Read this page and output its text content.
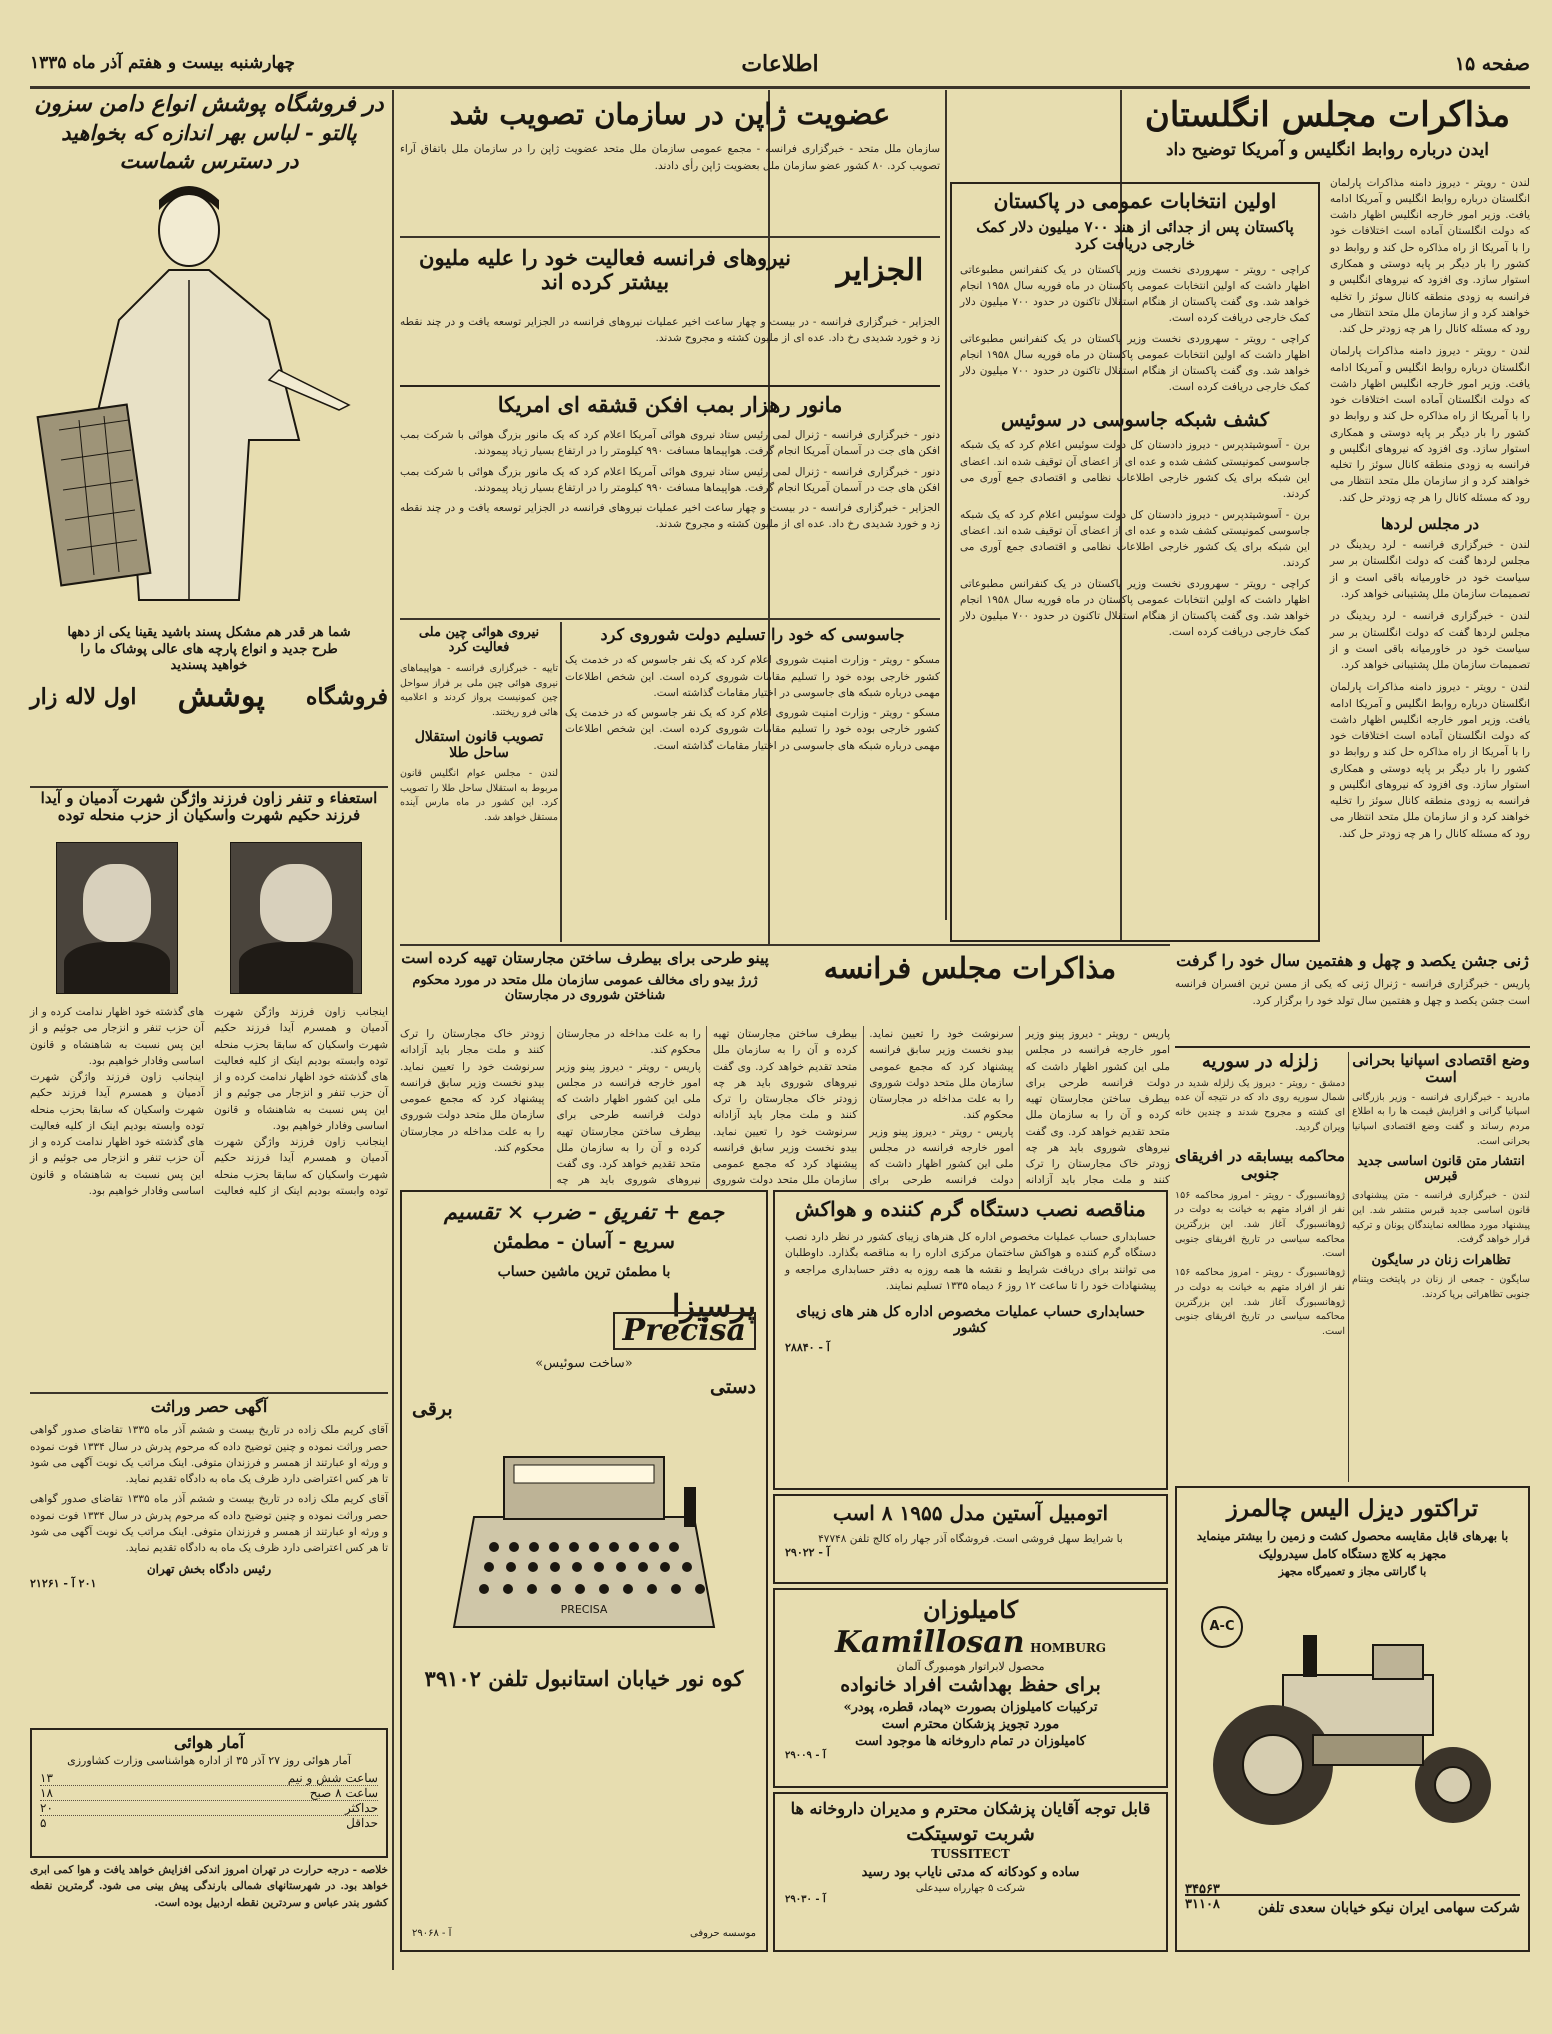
صفحه ۱۵
اطلاعات
چهارشنبه بیست و هفتم آذر ماه ۱۳۳۵
مذاکرات مجلس انگلستان
ایدن درباره روابط انگلیس و آمریکا توضیح داد

لندن - رویتر - دیروز دامنه مذاکرات پارلمان انگلستان درباره روابط انگلیس و آمریکا ادامه یافت. وزیر امور خارجه انگلیس اظهار داشت که دولت انگلستان آماده است اختلافات خود را با آمریکا از راه مذاکره حل کند و روابط دو کشور را بار دیگر بر پایه دوستی و همکاری استوار سازد. وی افزود که نیروهای انگلیس و فرانسه به زودی منطقه کانال سوئز را تخلیه خواهند کرد و از سازمان ملل متحد انتظار می رود که مسئله کانال را هر چه زودتر حل کند.

لندن - رویتر - دیروز دامنه مذاکرات پارلمان انگلستان درباره روابط انگلیس و آمریکا ادامه یافت. وزیر امور خارجه انگلیس اظهار داشت که دولت انگلستان آماده است اختلافات خود را با آمریکا از راه مذاکره حل کند و روابط دو کشور را بار دیگر بر پایه دوستی و همکاری استوار سازد. وی افزود که نیروهای انگلیس و فرانسه به زودی منطقه کانال سوئز را تخلیه خواهند کرد و از سازمان ملل متحد انتظار می رود که مسئله کانال را هر چه زودتر حل کند.

در مجلس لردها

لندن - خبرگزاری فرانسه - لرد ریدینگ در مجلس لردها گفت که دولت انگلستان بر سر سیاست خود در خاورمیانه باقی است و از تصمیمات سازمان ملل پشتیبانی خواهد کرد.

لندن - خبرگزاری فرانسه - لرد ریدینگ در مجلس لردها گفت که دولت انگلستان بر سر سیاست خود در خاورمیانه باقی است و از تصمیمات سازمان ملل پشتیبانی خواهد کرد.

لندن - رویتر - دیروز دامنه مذاکرات پارلمان انگلستان درباره روابط انگلیس و آمریکا ادامه یافت. وزیر امور خارجه انگلیس اظهار داشت که دولت انگلستان آماده است اختلافات خود را با آمریکا از راه مذاکره حل کند و روابط دو کشور را بار دیگر بر پایه دوستی و همکاری استوار سازد. وی افزود که نیروهای انگلیس و فرانسه به زودی منطقه کانال سوئز را تخلیه خواهند کرد و از سازمان ملل متحد انتظار می رود که مسئله کانال را هر چه زودتر حل کند.

اولین انتخابات عمومی در پاکستان
پاکستان پس از جدائی از هند ۷۰۰ میلیون دلار کمک خارجی دریافت کرد

کراچی - رویتر - سهروردی نخست وزیر پاکستان در یک کنفرانس مطبوعاتی اظهار داشت که اولین انتخابات عمومی پاکستان در ماه فوریه سال ۱۹۵۸ انجام خواهد شد. وی گفت پاکستان از هنگام استقلال تاکنون در حدود ۷۰۰ میلیون دلار کمک خارجی دریافت کرده است.

کراچی - رویتر - سهروردی نخست وزیر پاکستان در یک کنفرانس مطبوعاتی اظهار داشت که اولین انتخابات عمومی پاکستان در ماه فوریه سال ۱۹۵۸ انجام خواهد شد. وی گفت پاکستان از هنگام استقلال تاکنون در حدود ۷۰۰ میلیون دلار کمک خارجی دریافت کرده است.

کشف شبکه جاسوسی در سوئیس

برن - آسوشیتدپرس - دیروز دادستان کل دولت سوئیس اعلام کرد که یک شبکه جاسوسی کمونیستی کشف شده و عده ای از اعضای آن توقیف شده اند. اعضای این شبکه برای یک کشور خارجی اطلاعات نظامی و اقتصادی جمع آوری می کردند.

برن - آسوشیتدپرس - دیروز دادستان کل دولت سوئیس اعلام کرد که یک شبکه جاسوسی کمونیستی کشف شده و عده ای از اعضای آن توقیف شده اند. اعضای این شبکه برای یک کشور خارجی اطلاعات نظامی و اقتصادی جمع آوری می کردند.

کراچی - رویتر - سهروردی نخست وزیر پاکستان در یک کنفرانس مطبوعاتی اظهار داشت که اولین انتخابات عمومی پاکستان در ماه فوریه سال ۱۹۵۸ انجام خواهد شد. وی گفت پاکستان از هنگام استقلال تاکنون در حدود ۷۰۰ میلیون دلار کمک خارجی دریافت کرده است.

عضویت ژاپن در سازمان تصویب شد

سازمان ملل متحد - خبرگزاری فرانسه - مجمع عمومی سازمان ملل متحد عضویت ژاپن را در سازمان ملل باتفاق آراء تصویب کرد. ۸۰ کشور عضو سازمان ملل بعضویت ژاپن رأی دادند.

الجزایر
نیروهای فرانسه فعالیت خود را علیه ملیون بیشتر کرده اند

الجزایر - خبرگزاری فرانسه - در بیست و چهار ساعت اخیر عملیات نیروهای فرانسه در الجزایر توسعه یافت و در چند نقطه زد و خورد شدیدی رخ داد. عده ای از ملیون کشته و مجروح شدند.

مانور رهزار بمب افکن قشقه ای امریکا

دنور - خبرگزاری فرانسه - ژنرال لمی رئیس ستاد نیروی هوائی آمریکا اعلام کرد که یک مانور بزرگ هوائی با شرکت بمب افکن های جت در آسمان آمریکا انجام گرفت. هواپیماها مسافت ۹۹۰ کیلومتر را در ارتفاع بسیار زیاد پیمودند.

دنور - خبرگزاری فرانسه - ژنرال لمی رئیس ستاد نیروی هوائی آمریکا اعلام کرد که یک مانور بزرگ هوائی با شرکت بمب افکن های جت در آسمان آمریکا انجام گرفت. هواپیماها مسافت ۹۹۰ کیلومتر را در ارتفاع بسیار زیاد پیمودند.

الجزایر - خبرگزاری فرانسه - در بیست و چهار ساعت اخیر عملیات نیروهای فرانسه در الجزایر توسعه یافت و در چند نقطه زد و خورد شدیدی رخ داد. عده ای از ملیون کشته و مجروح شدند.

جاسوسی که خود را تسلیم دولت شوروی کرد

مسکو - رویتر - وزارت امنیت شوروی اعلام کرد که یک نفر جاسوس که در خدمت یک کشور خارجی بوده خود را تسلیم مقامات شوروی کرده است. این شخص اطلاعات مهمی درباره شبکه های جاسوسی در اختیار مقامات گذاشته است.

مسکو - رویتر - وزارت امنیت شوروی اعلام کرد که یک نفر جاسوس که در خدمت یک کشور خارجی بوده خود را تسلیم مقامات شوروی کرده است. این شخص اطلاعات مهمی درباره شبکه های جاسوسی در اختیار مقامات گذاشته است.

نیروی هوائی چین ملی فعالیت کرد

تایپه - خبرگزاری فرانسه - هواپیماهای نیروی هوائی چین ملی بر فراز سواحل چین کمونیست پرواز کردند و اعلامیه هائی فرو ریختند.

تصویب قانون استقلال ساحل طلا

لندن - مجلس عوام انگلیس قانون مربوط به استقلال ساحل طلا را تصویب کرد. این کشور در ماه مارس آینده مستقل خواهد شد.

مذاکرات مجلس فرانسه
پینو طرحی برای بیطرف ساختن مجارستان تهیه کرده است
ژرژ بیدو رای مخالف عمومی سازمان ملل متحد در مورد محکوم شناختن شوروی در مجارستان

پاریس - رویتر - دیروز پینو وزیر امور خارجه فرانسه در مجلس ملی این کشور اظهار داشت که دولت فرانسه طرحی برای بیطرف ساختن مجارستان تهیه کرده و آن را به سازمان ملل متحد تقدیم خواهد کرد. وی گفت نیروهای شوروی باید هر چه زودتر خاک مجارستان را ترک کنند و ملت مجار باید آزادانه سرنوشت خود را تعیین نماید. بیدو نخست وزیر سابق فرانسه پیشنهاد کرد که مجمع عمومی سازمان ملل متحد دولت شوروی را به علت مداخله در مجارستان محکوم کند.

پاریس - رویتر - دیروز پینو وزیر امور خارجه فرانسه در مجلس ملی این کشور اظهار داشت که دولت فرانسه طرحی برای بیطرف ساختن مجارستان تهیه کرده و آن را به سازمان ملل متحد تقدیم خواهد کرد. وی گفت نیروهای شوروی باید هر چه زودتر خاک مجارستان را ترک کنند و ملت مجار باید آزادانه سرنوشت خود را تعیین نماید. بیدو نخست وزیر سابق فرانسه پیشنهاد کرد که مجمع عمومی سازمان ملل متحد دولت شوروی را به علت مداخله در مجارستان محکوم کند.

پاریس - رویتر - دیروز پینو وزیر امور خارجه فرانسه در مجلس ملی این کشور اظهار داشت که دولت فرانسه طرحی برای بیطرف ساختن مجارستان تهیه کرده و آن را به سازمان ملل متحد تقدیم خواهد کرد. وی گفت نیروهای شوروی باید هر چه زودتر خاک مجارستان را ترک کنند و ملت مجار باید آزادانه سرنوشت خود را تعیین نماید. بیدو نخست وزیر سابق فرانسه پیشنهاد کرد که مجمع عمومی سازمان ملل متحد دولت شوروی را به علت مداخله در مجارستان محکوم کند.

ژنی جشن یکصد و چهل و هفتمین سال خود را گرفت

پاریس - خبرگزاری فرانسه - ژنرال ژنی که یکی از مسن ترین افسران فرانسه است جشن یکصد و چهل و هفتمین سال تولد خود را برگزار کرد.

زلزله در سوریه

دمشق - رویتر - دیروز یک زلزله شدید در شمال سوریه روی داد که در نتیجه آن عده ای کشته و مجروح شدند و چندین خانه ویران گردید.

محاکمه بیسابقه در افریقای جنوبی

ژوهانسبورگ - رویتر - امروز محاکمه ۱۵۶ نفر از افراد متهم به خیانت به دولت در ژوهانسبورگ آغاز شد. این بزرگترین محاکمه سیاسی در تاریخ افریقای جنوبی است.

ژوهانسبورگ - رویتر - امروز محاکمه ۱۵۶ نفر از افراد متهم به خیانت به دولت در ژوهانسبورگ آغاز شد. این بزرگترین محاکمه سیاسی در تاریخ افریقای جنوبی است.

وضع اقتصادی اسپانیا بحرانی است

مادرید - خبرگزاری فرانسه - وزیر بازرگانی اسپانیا گرانی و افزایش قیمت ها را به اطلاع مردم رساند و گفت وضع اقتصادی اسپانیا بحرانی است.

انتشار متن قانون اساسی جدید قبرس

لندن - خبرگزاری فرانسه - متن پیشنهادی قانون اساسی جدید قبرس منتشر شد. این پیشنهاد مورد مطالعه نمایندگان یونان و ترکیه قرار خواهد گرفت.

تظاهرات زنان در سایگون

سایگون - جمعی از زنان در پایتخت ویتنام جنوبی تظاهراتی برپا کردند.

مناقصه نصب دستگاه گرم کننده و هواکش

حسابداری حساب عملیات مخصوص اداره کل هنرهای زیبای کشور در نظر دارد نصب دستگاه گرم کننده و هواکش ساختمان مرکزی اداره را به مناقصه بگذارد. داوطلبان می توانند برای دریافت شرایط و نقشه ها همه روزه به دفتر حسابداری مراجعه و پیشنهادات خود را تا ساعت ۱۲ روز ۶ دیماه ۱۳۳۵ تسلیم نمایند.

حسابداری حساب عملیات مخصوص اداره کل هنر های زیبای کشور
آ - ۲۸۸۴۰
اتومبیل آستین مدل ۱۹۵۵ ۸ اسب

با شرایط سهل فروشی است. فروشگاه آذر جهار راه کالج تلفن ۴۷۷۴۸

آ - ۲۹۰۲۲
کامیلوزان
Kamillosan HOMBURG
محصول لابراتوار هومبورگ آلمان
برای حفظ بهداشت افراد خانواده
ترکیبات کامیلوزان بصورت «پماد، قطره، پودر»
مورد تجویز پزشکان محترم است
کامیلوزان در تمام داروخانه ها موجود است
آ - ۲۹۰۰۹
قابل توجه آقایان پزشکان محترم و مدیران داروخانه ها
شربت توسیتکت
TUSSITECT
ساده و کودکانه که مدتی نایاب بود رسید
شرکت ۵ جهارراه سیدعلی
آ - ۲۹۰۳۰
جمع + تفریق - ضرب × تقسیم
سریع - آسان - مطمئن
با مطمئن ترین ماشین حساب
پرسیزا
Precisa
«ساخت سوئیس»
دستی
برقی
PRECISA
کوه نور خیابان استانبول تلفن ۳۹۱۰۲
موسسه حروفی
آ - ۲۹۰۶۸
تراکتور دیزل الیس چالمرز
با بهرهای قابل مقایسه محصول کشت و زمین را بیشتر مینماید
مجهز به کلاچ دستگاه کامل سیدرولیک
با گارانتی مجاز و تعمیرگاه مجهز
A-C
شرکت سهامی ایران نیکو خیابان سعدی تلفن
۳۴۵۶۳
۳۱۱۰۸
در فروشگاه پوشش انواع دامن سزون
پالتو - لباس بهر اندازه که بخواهید
در دسترس شماست
شما هر قدر هم مشکل پسند باشید یقینا یکی از دهها
طرح جدید و انواع پارچه های عالی پوشاک ما را
خواهید پسندید
فروشگاه
پوشش
اول لاله زار
استعفاء و تنفر زاون فرزند واژگن شهرت آدمیان و آیدا فرزند حکیم شهرت واسکیان از حزب منحله توده

اینجانب زاون فرزند واژگن شهرت آدمیان و همسرم آیدا فرزند حکیم شهرت واسکیان که سابقا بحزب منحله توده وابسته بودیم اینک از کلیه فعالیت های گذشته خود اظهار ندامت کرده و از آن حزب تنفر و انزجار می جوئیم و از این پس نسبت به شاهنشاه و قانون اساسی وفادار خواهیم بود.

اینجانب زاون فرزند واژگن شهرت آدمیان و همسرم آیدا فرزند حکیم شهرت واسکیان که سابقا بحزب منحله توده وابسته بودیم اینک از کلیه فعالیت های گذشته خود اظهار ندامت کرده و از آن حزب تنفر و انزجار می جوئیم و از این پس نسبت به شاهنشاه و قانون اساسی وفادار خواهیم بود.

اینجانب زاون فرزند واژگن شهرت آدمیان و همسرم آیدا فرزند حکیم شهرت واسکیان که سابقا بحزب منحله توده وابسته بودیم اینک از کلیه فعالیت های گذشته خود اظهار ندامت کرده و از آن حزب تنفر و انزجار می جوئیم و از این پس نسبت به شاهنشاه و قانون اساسی وفادار خواهیم بود.

آگهی حصر وراثت

آقای کریم ملک زاده در تاریخ بیست و ششم آذر ماه ۱۳۳۵ تقاضای صدور گواهی حصر وراثت نموده و چنین توضیح داده که مرحوم پدرش در سال ۱۳۳۴ فوت نموده و ورثه او عبارتند از همسر و فرزندان متوفی. اینک مراتب یک نوبت آگهی می شود تا هر کس اعتراضی دارد ظرف یک ماه به دادگاه تقدیم نماید.

آقای کریم ملک زاده در تاریخ بیست و ششم آذر ماه ۱۳۳۵ تقاضای صدور گواهی حصر وراثت نموده و چنین توضیح داده که مرحوم پدرش در سال ۱۳۳۴ فوت نموده و ورثه او عبارتند از همسر و فرزندان متوفی. اینک مراتب یک نوبت آگهی می شود تا هر کس اعتراضی دارد ظرف یک ماه به دادگاه تقدیم نماید.

رئیس دادگاه بخش تهران
۲۰۱ آ - ۲۱۲۶۱
آمار هوائی
آمار هوائی روز ۲۷ آذر ۳۵ از اداره هواشناسی وزارت کشاورزی
ساعت شش و نیم
۱۳
ساعت ۸ صبح
۱۸
حداکثر
۲۰
حداقل
۵

خلاصه - درجه حرارت در تهران امروز اندکی افزایش خواهد یافت و هوا کمی ابری خواهد بود. در شهرستانهای شمالی بارندگی پیش بینی می شود. گرمترین نقطه کشور بندر عباس و سردترین نقطه اردبیل بوده است.
